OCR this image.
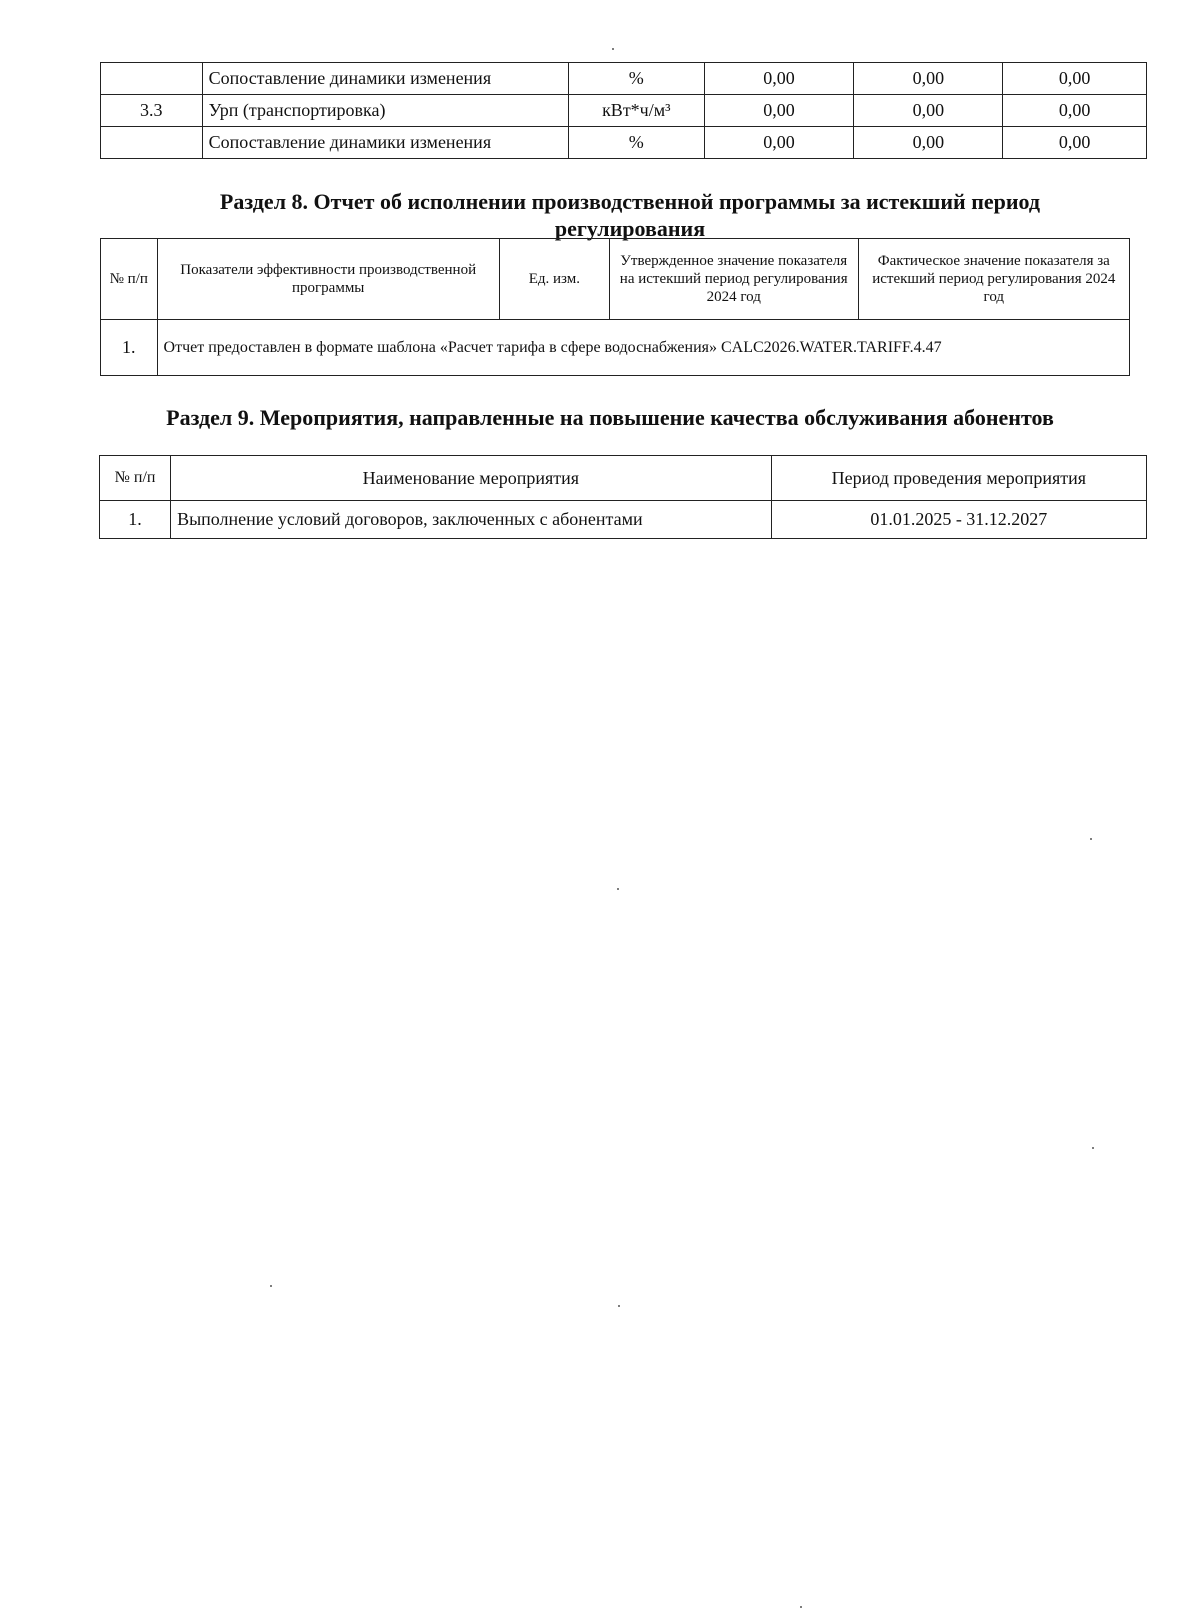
	Сопоставление динамики изменения	%	0,00	0,00	0,00
3.3	Урп (транспортировка)	кВт*ч/м³	0,00	0,00	0,00
	Сопоставление динамики изменения	%	0,00	0,00	0,00
Раздел 8. Отчет об исполнении производственной программы за истекший период регулирования
№ п/п	Показатели эффективности производственной программы	Ед. изм.	Утвержденное значение показателя на истекший период регулирования 2024 год	Фактическое значение показателя за истекший период регулирования 2024 год
1.	Отчет предоставлен в формате шаблона «Расчет тарифа в сфере водоснабжения» CALC2026.WATER.TARIFF.4.47			
Раздел 9. Мероприятия, направленные на повышение качества обслуживания абонентов
№ п/п	Наименование мероприятия	Период проведения мероприятия
1.	Выполнение условий договоров, заключенных с абонентами	01.01.2025 - 31.12.2027
